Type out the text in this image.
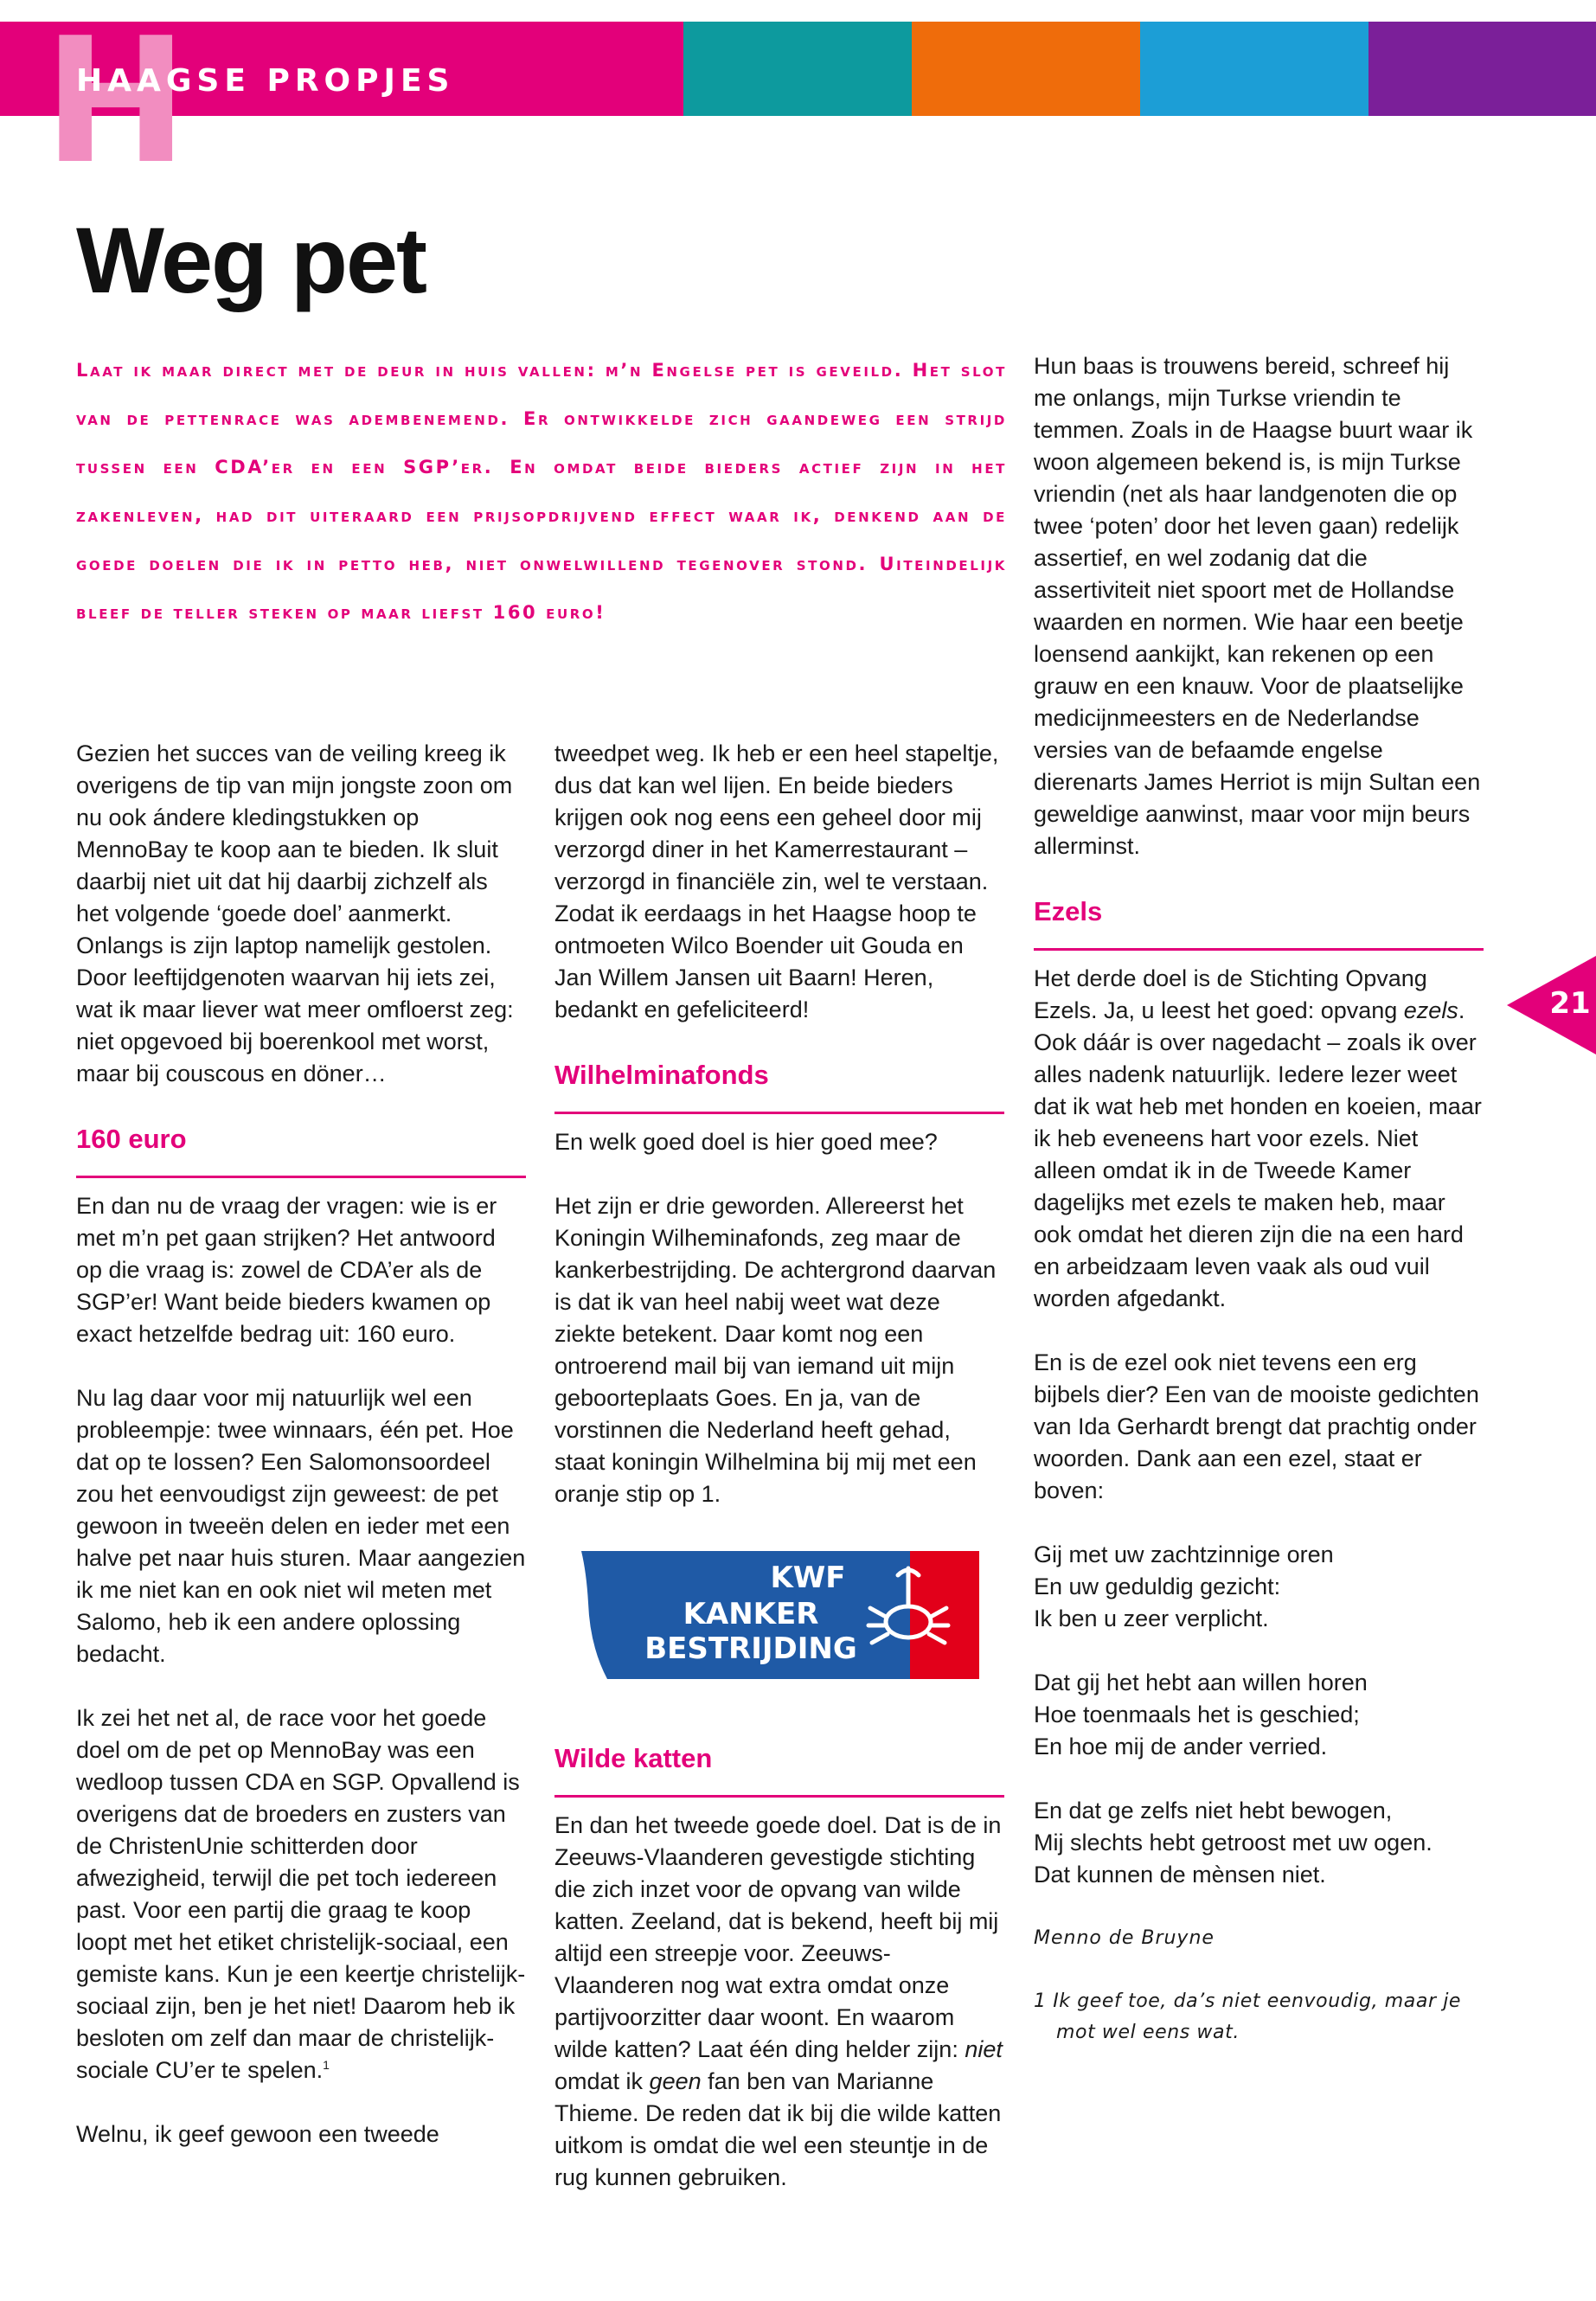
H
HAAGSE PROPJES
Weg pet

Laat ik maar direct met de deur in huis vallen: m’n Engelse pet is geveild. Het slot van de pettenrace was adembenemend. Er ontwikkelde zich gaandeweg een strijd tussen een CDA’er en een SGP’er. En omdat beide bieders actief zijn in het zakenleven, had dit uiteraard een prijsopdrijvend effect waar ik, denkend aan de goede doelen die ik in petto heb, niet onwelwillend tegenover stond. Uiteindelijk bleef de teller steken op maar liefst 160 euro!

Gezien het succes van de veiling kreeg ik overigens de tip van mijn jongste zoon om nu ook ándere kledingstukken op MennoBay te koop aan te bieden. Ik sluit daarbij niet uit dat hij daarbij zichzelf als het volgende ‘goede doel’ aanmerkt. Onlangs is zijn laptop namelijk gestolen. Door leeftijdgenoten waarvan hij iets zei, wat ik maar liever wat meer omfloerst zeg: niet opgevoed bij boerenkool met worst, maar bij couscous en döner…

160 euro

En dan nu de vraag der vragen: wie is er met m’n pet gaan strijken? Het antwoord op die vraag is: zowel de CDA’er als de SGP’er! Want beide bieders kwamen op exact hetzelfde bedrag uit: 160 euro.

Nu lag daar voor mij natuurlijk wel een probleempje: twee winnaars, één pet. Hoe dat op te lossen? Een Salomonsoordeel zou het eenvoudigst zijn geweest: de pet gewoon in tweeën delen en ieder met een halve pet naar huis sturen. Maar aangezien ik me niet kan en ook niet wil meten met Salomo, heb ik een andere oplossing bedacht.

Ik zei het net al, de race voor het goede doel om de pet op MennoBay was een wedloop tussen CDA en SGP. Opvallend is overigens dat de broeders en zusters van de ChristenUnie schitterden door afwezigheid, terwijl die pet toch iedereen past. Voor een partij die graag te koop loopt met het etiket christelijk-sociaal, een gemiste kans. Kun je een keertje christelijk-sociaal zijn, ben je het niet! Daarom heb ik besloten om zelf dan maar de christelijk-sociale CU’er te spelen.$^1$

Welnu, ik geef gewoon een tweede

tweedpet weg. Ik heb er een heel stapeltje, dus dat kan wel lijen. En beide bieders krijgen ook nog eens een geheel door mij verzorgd diner in het Kamerrestaurant – verzorgd in financiële zin, wel te verstaan. Zodat ik eerdaags in het Haagse hoop te ontmoeten Wilco Boender uit Gouda en Jan Willem Jansen uit Baarn! Heren, bedankt en gefeliciteerd!

Wilhelminafonds

En welk goed doel is hier goed mee?

Het zijn er drie geworden. Allereerst het Koningin Wilheminafonds, zeg maar de kankerbestrijding. De achtergrond daarvan is dat ik van heel nabij weet wat deze ziekte betekent. Daar komt nog een ontroerend mail bij van iemand uit mijn geboorteplaats Goes. En ja, van de vorstinnen die Nederland heeft gehad, staat koningin Wilhelmina bij mij met een oranje stip op 1.

Wilde katten

En dan het tweede goede doel. Dat is de in Zeeuws-Vlaanderen gevestigde stichting die zich inzet voor de opvang van wilde katten. Zeeland, dat is bekend, heeft bij mij altijd een streepje voor. Zeeuws-Vlaanderen nog wat extra omdat onze partijvoorzitter daar woont. En waarom wilde katten? Laat één ding helder zijn: niet omdat ik geen fan ben van Marianne Thieme. De reden dat ik bij die wilde katten uitkom is omdat die wel een steuntje in de rug kunnen gebruiken.

KWF
KANKER
BESTRIJDING

Hun baas is trouwens bereid, schreef hij me onlangs, mijn Turkse vriendin te temmen. Zoals in de Haagse buurt waar ik woon algemeen bekend is, is mijn Turkse vriendin (net als haar landgenoten die op twee ‘poten’ door het leven gaan) redelijk assertief, en wel zodanig dat die assertiviteit niet spoort met de Hollandse waarden en normen. Wie haar een beetje loensend aankijkt, kan rekenen op een grauw en een knauw. Voor de plaatselijke medicijnmeesters en de Nederlandse versies van de befaamde engelse dierenarts James Herriot is mijn Sultan een geweldige aanwinst, maar voor mijn beurs allerminst.

Ezels

Het derde doel is de Stichting Opvang Ezels. Ja, u leest het goed: opvang ezels. Ook dáár is over nagedacht – zoals ik over alles nadenk natuurlijk. Iedere lezer weet dat ik wat heb met honden en koeien, maar ik heb eveneens hart voor ezels. Niet alleen omdat ik in de Tweede Kamer dagelijks met ezels te maken heb, maar ook omdat het dieren zijn die na een hard en arbeidzaam leven vaak als oud vuil worden afgedankt.

En is de ezel ook niet tevens een erg bijbels dier? Een van de mooiste gedichten van Ida Gerhardt brengt dat prachtig onder woorden. Dank aan een ezel, staat er boven:

Gij met uw zachtzinnige oren
En uw geduldig gezicht:
Ik ben u zeer verplicht.

Dat gij het hebt aan willen horen
Hoe toenmaals het is geschied;
En hoe mij de ander verried.

En dat ge zelfs niet hebt bewogen,
Mij slechts hebt getroost met uw ogen.
Dat kunnen de mènsen niet.

Menno de Bruyne

1 Ik geef toe, da’s niet eenvoudig, maar je mot wel eens wat.

21
